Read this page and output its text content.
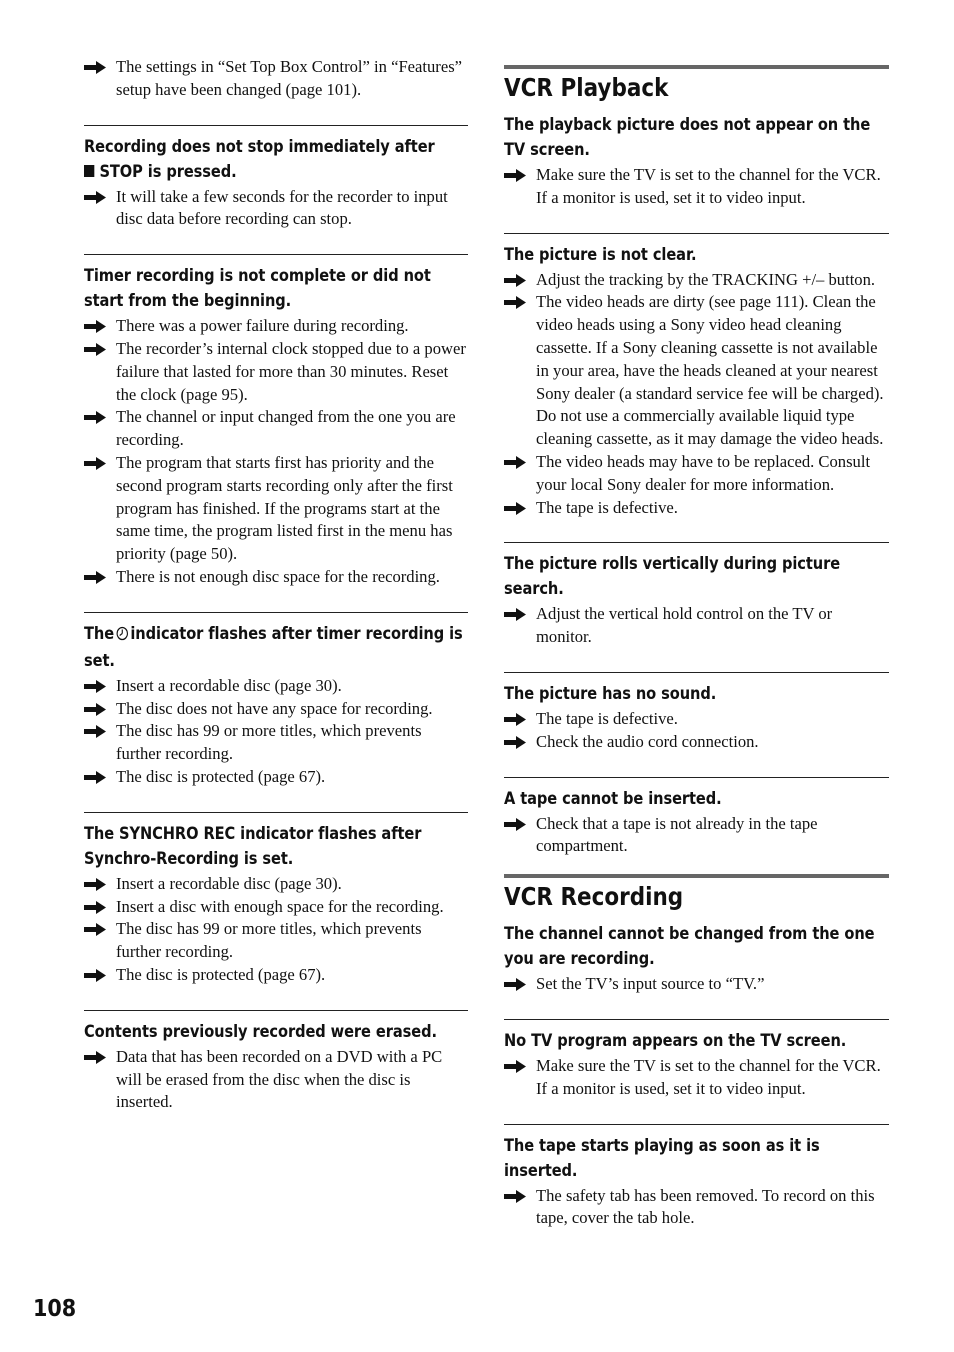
The settings in “Set Top Box Control” in “Features” setup have been changed (page 101).
Recording does not stop immediately after
STOP is pressed.
It will take a few seconds for the recorder to input disc data before recording can stop.
Timer recording is not complete or did not start from the beginning.
There was a power failure during recording.
The recorder’s internal clock stopped due to a power failure that lasted for more than 30 minutes. Reset the clock (page 95).
The channel or input changed from the one you are recording.
The program that starts first has priority and the second program starts recording only after the first program has finished. If the programs start at the same time, the program listed first in the menu has priority (page 50).
There is not enough disc space for the recording.
The indicator flashes after timer recording is set.
Insert a recordable disc (page 30).
The disc does not have any space for recording.
The disc has 99 or more titles, which prevents further recording.
The disc is protected (page 67).
The SYNCHRO REC indicator flashes after Synchro-Recording is set.
Insert a recordable disc (page 30).
Insert a disc with enough space for the recording.
The disc has 99 or more titles, which prevents further recording.
The disc is protected (page 67).
Contents previously recorded were erased.
Data that has been recorded on a DVD with a PC will be erased from the disc when the disc is inserted.
VCR Playback
The playback picture does not appear on the TV screen.
Make sure the TV is set to the channel for the VCR. If a monitor is used, set it to video input.
The picture is not clear.
Adjust the tracking by the TRACKING +/– button.
The video heads are dirty (see page 111). Clean the video heads using a Sony video head cleaning cassette. If a Sony cleaning cassette is not available in your area, have the heads cleaned at your nearest Sony dealer (a standard service fee will be charged). Do not use a commercially available liquid type cleaning cassette, as it may damage the video heads.
The video heads may have to be replaced. Consult your local Sony dealer for more information.
The tape is defective.
The picture rolls vertically during picture search.
Adjust the vertical hold control on the TV or monitor.
The picture has no sound.
The tape is defective.
Check the audio cord connection.
A tape cannot be inserted.
Check that a tape is not already in the tape compartment.
VCR Recording
The channel cannot be changed from the one you are recording.
Set the TV’s input source to “TV.”
No TV program appears on the TV screen.
Make sure the TV is set to the channel for the VCR. If a monitor is used, set it to video input.
The tape starts playing as soon as it is inserted.
The safety tab has been removed. To record on this tape, cover the tab hole.
108
